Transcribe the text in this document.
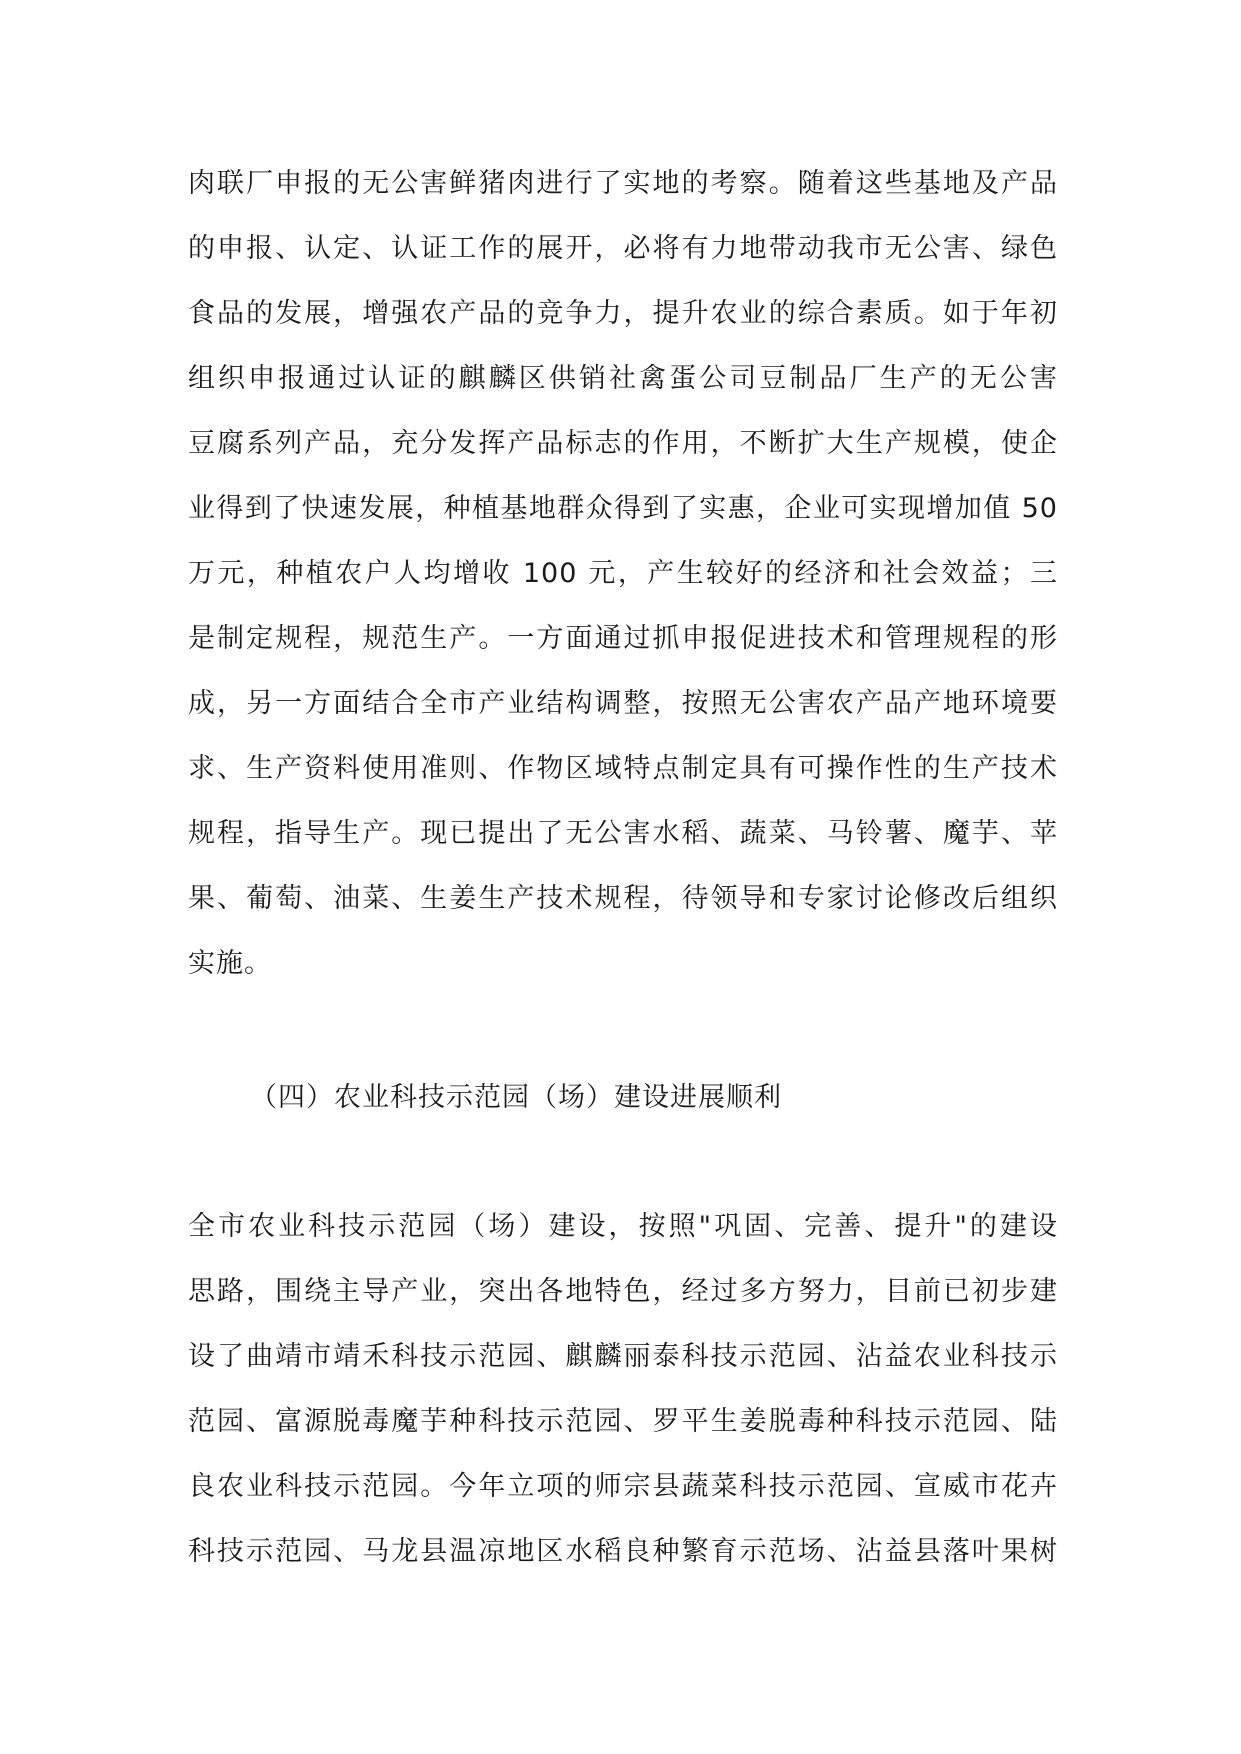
肉联厂申报的无公害鲜猪肉进行了实地的考察。随着这些基地及产品
的申报、认定、认证工作的展开，必将有力地带动我市无公害、绿色
食品的发展，增强农产品的竞争力，提升农业的综合素质。如于年初
组织申报通过认证的麒麟区供销社禽蛋公司豆制品厂生产的无公害
豆腐系列产品，充分发挥产品标志的作用，不断扩大生产规模，使企
业得到了快速发展，种植基地群众得到了实惠，企业可实现增加值 50
万元，种植农户人均增收 100 元，产生较好的经济和社会效益；三
是制定规程，规范生产。一方面通过抓申报促进技术和管理规程的形
成，另一方面结合全市产业结构调整，按照无公害农产品产地环境要
求、生产资料使用准则、作物区域特点制定具有可操作性的生产技术
规程，指导生产。现已提出了无公害水稻、蔬菜、马铃薯、魔芋、苹
果、葡萄、油菜、生姜生产技术规程，待领导和专家讨论修改后组织
实施。
（四）农业科技示范园（场）建设进展顺利
全市农业科技示范园（场）建设，按照"巩固、完善、提升"的建设
思路，围绕主导产业，突出各地特色，经过多方努力，目前已初步建
设了曲靖市靖禾科技示范园、麒麟丽泰科技示范园、沾益农业科技示
范园、富源脱毒魔芋种科技示范园、罗平生姜脱毒种科技示范园、陆
良农业科技示范园。今年立项的师宗县蔬菜科技示范园、宣威市花卉
科技示范园、马龙县温凉地区水稻良种繁育示范场、沾益县落叶果树
